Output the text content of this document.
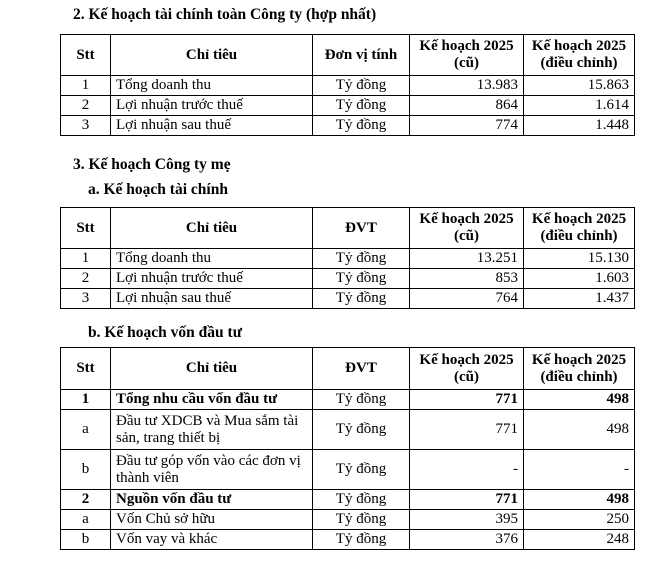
2. Kế hoạch tài chính toàn Công ty (hợp nhất)
Stt	Chỉ tiêu	Đơn vị tính	Kế hoạch 2025 (cũ)	Kế hoạch 2025 (điều chỉnh)
1	Tổng doanh thu	Tỷ đồng	13.983	15.863
2	Lợi nhuận trước thuế	Tỷ đồng	864	1.614
3	Lợi nhuận sau thuế	Tỷ đồng	774	1.448
3. Kế hoạch Công ty mẹ
a. Kế hoạch tài chính
Stt	Chỉ tiêu	ĐVT	Kế hoạch 2025 (cũ)	Kế hoạch 2025 (điều chỉnh)
1	Tổng doanh thu	Tỷ đồng	13.251	15.130
2	Lợi nhuận trước thuế	Tỷ đồng	853	1.603
3	Lợi nhuận sau thuế	Tỷ đồng	764	1.437
b. Kế hoạch vốn đầu tư
Stt	Chỉ tiêu	ĐVT	Kế hoạch 2025 (cũ)	Kế hoạch 2025 (điều chỉnh)
1	Tổng nhu cầu vốn đầu tư	Tỷ đồng	771	498
a	Đầu tư XDCB và Mua sắm tài sản, trang thiết bị	Tỷ đồng	771	498
b	Đầu tư góp vốn vào các đơn vị thành viên	Tỷ đồng	-	-
2	Nguồn vốn đầu tư	Tỷ đồng	771	498
a	Vốn Chủ sở hữu	Tỷ đồng	395	250
b	Vốn vay và khác	Tỷ đồng	376	248
